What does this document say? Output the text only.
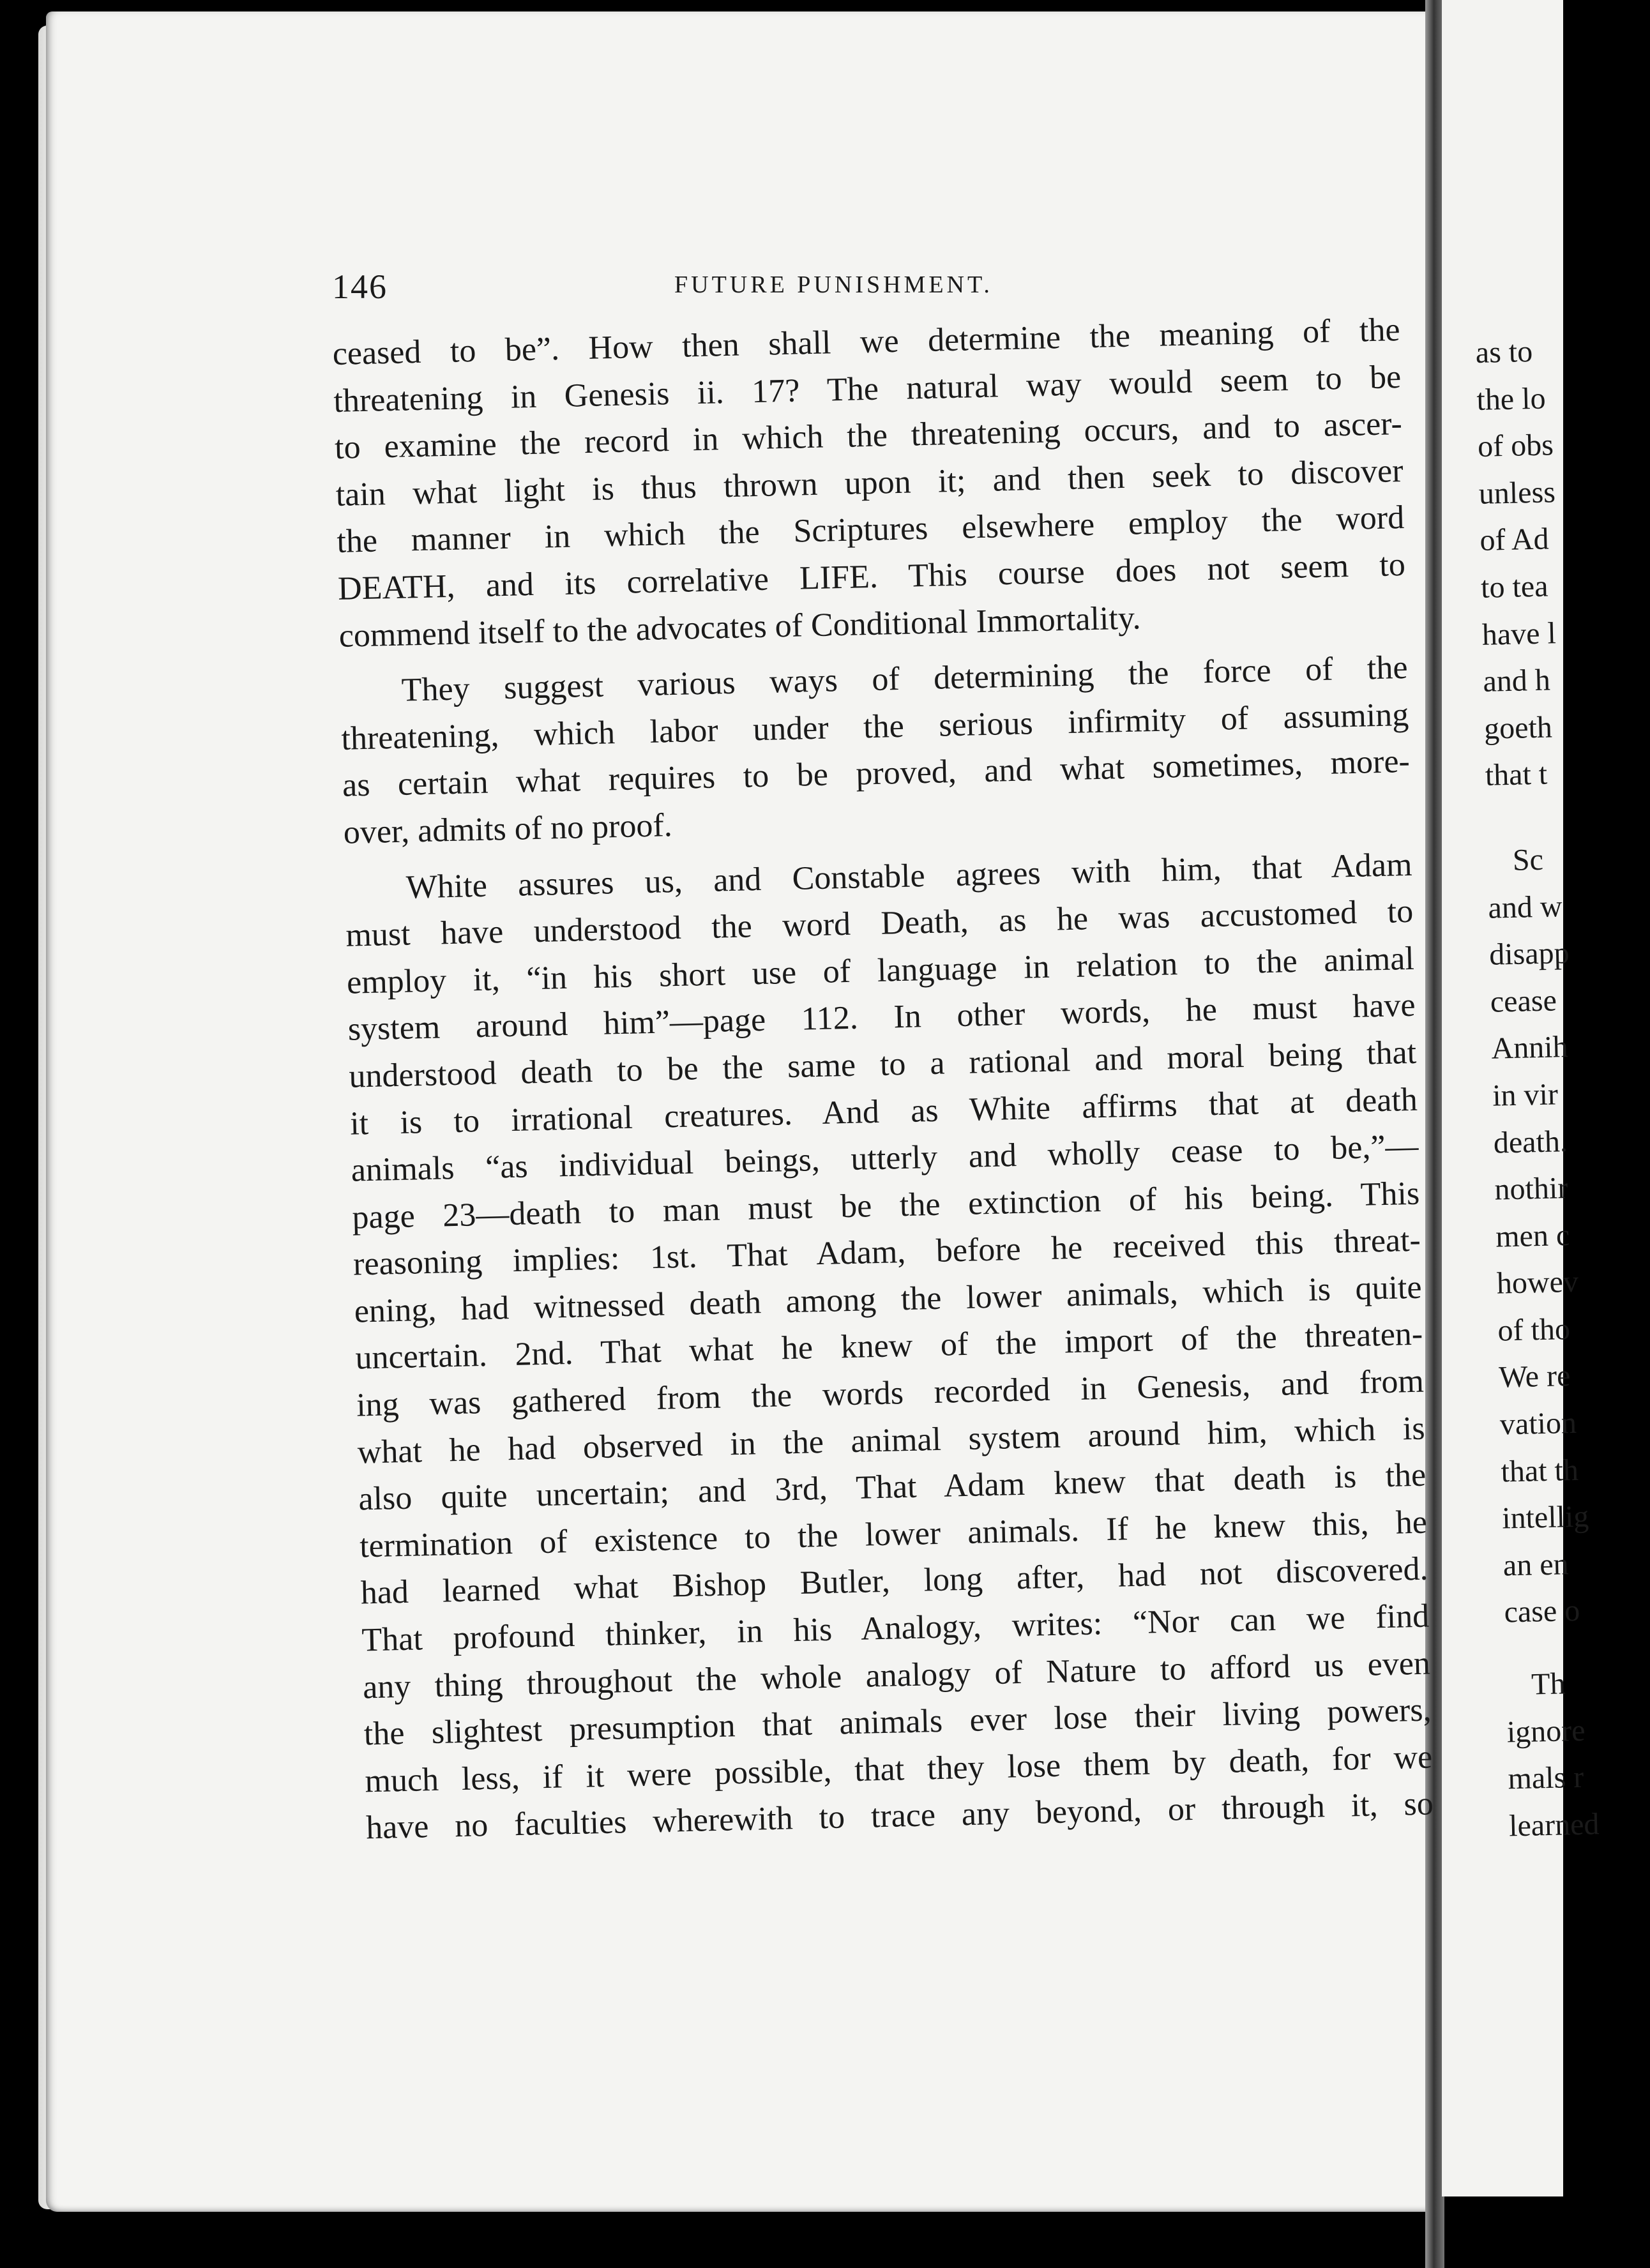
146	FUTURE PUNISHMENT.
ceased to be”. How then shall we determine the meaning of the
threatening in Genesis ii. 17? The natural way would seem to be
to examine the record in which the threatening occurs, and to ascer-
tain what light is thus thrown upon it; and then seek to discover
the manner in which the Scriptures elsewhere employ the word
DEATH, and its correlative LIFE. This course does not seem to
commend itself to the advocates of Conditional Immortality.
They suggest various ways of determining the force of the
threatening, which labor under the serious infirmity of assuming
as certain what requires to be proved, and what sometimes, more-
over, admits of no proof.
White assures us, and Constable agrees with him, that Adam
must have understood the word Death, as he was accustomed to
employ it, “in his short use of language in relation to the animal
system around him”—page 112. In other words, he must have
understood death to be the same to a rational and moral being that
it is to irrational creatures. And as White affirms that at death
animals “as individual beings, utterly and wholly cease to be,”—
page 23—death to man must be the extinction of his being. This
reasoning implies: 1st. That Adam, before he received this threat-
ening, had witnessed death among the lower animals, which is quite
uncertain. 2nd. That what he knew of the import of the threaten-
ing was gathered from the words recorded in Genesis, and from
what he had observed in the animal system around him, which is
also quite uncertain; and 3rd, That Adam knew that death is the
termination of existence to the lower animals. If he knew this, he
had learned what Bishop Butler, long after, had not discovered.
That profound thinker, in his Analogy, writes: “Nor can we find
any thing throughout the whole analogy of Nature to afford us even
the slightest presumption that animals ever lose their living powers,
much less, if it were possible, that they lose them by death, for we
have no faculties wherewith to trace any beyond, or through it, so
as to
the lo
of obs
unless
of Ad
to tea
have l
and h
goeth
that t
Sc
and w
disapp
cease
Annih
in vir
death.
nothir
men c
howev
of tho
We re
vation
that th
intellig
an en
case o
Th
ignore
mals r
learned
